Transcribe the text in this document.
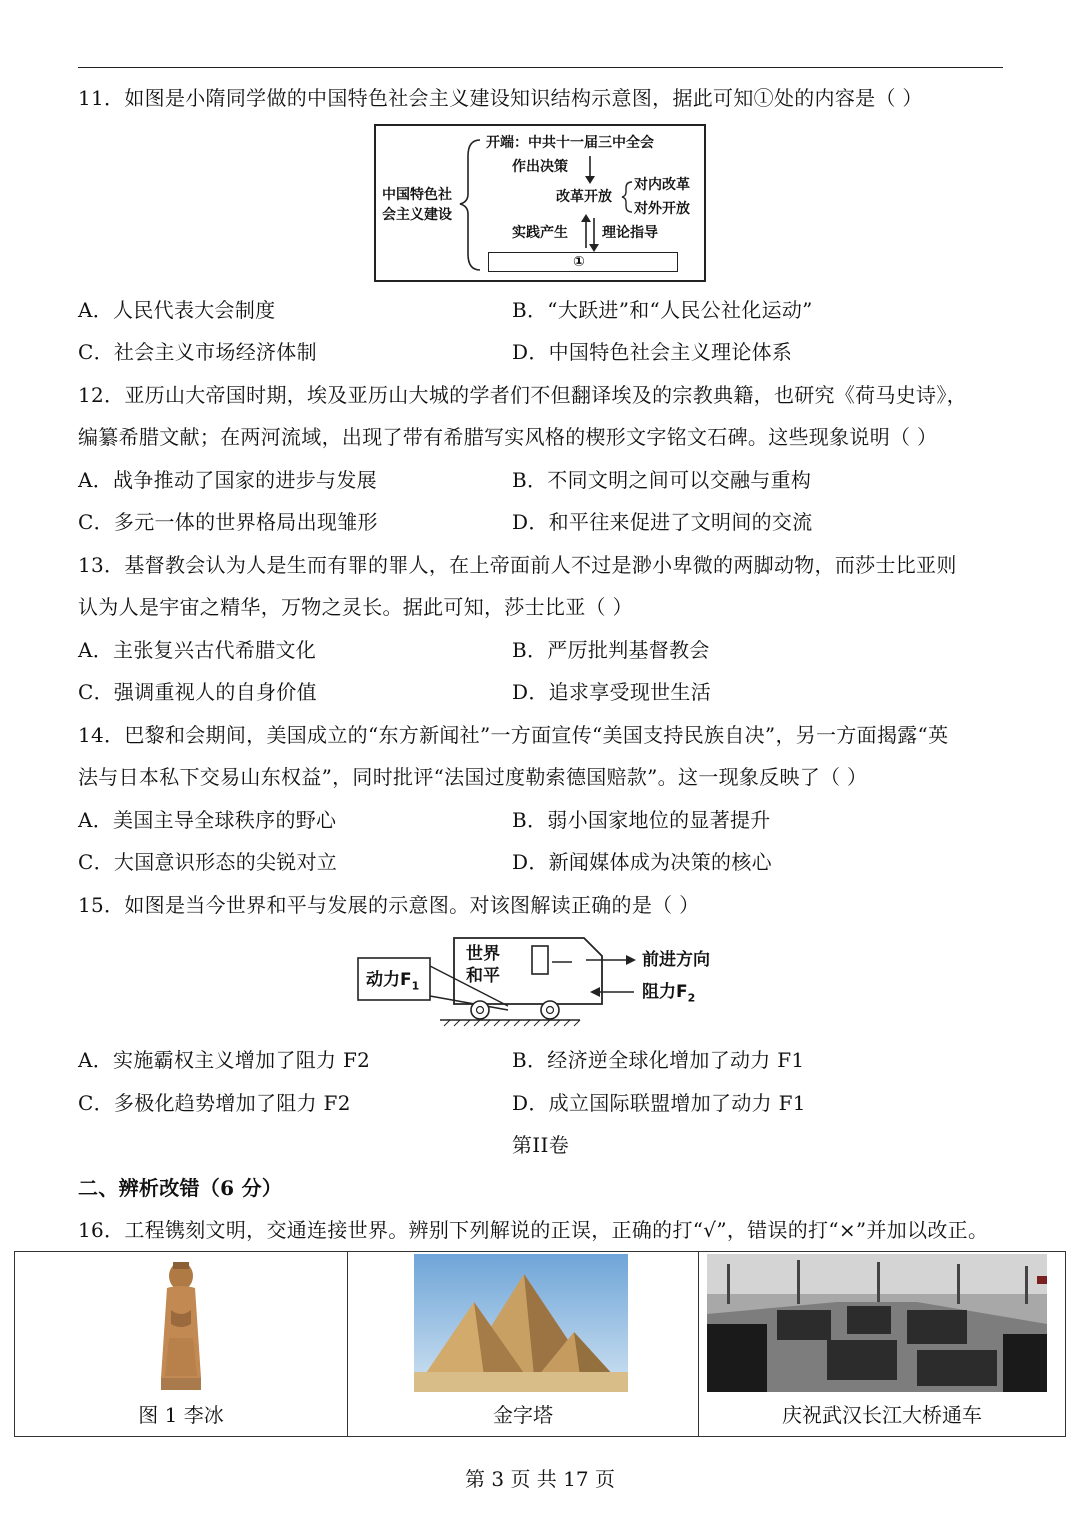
11．如图是小隋同学做的中国特色社会主义建设知识结构示意图，据此可知①处的内容是（ ）
中国特色社
会主义建设
开端：中共十一届三中全会
作出决策
改革开放
对内改革
对外开放
实践产生 理论指导
①
A．人民代表大会制度	B．“大跃进”和“人民公社化运动”
C．社会主义市场经济体制	D．中国特色社会主义理论体系
12．亚历山大帝国时期，埃及亚历山大城的学者们不但翻译埃及的宗教典籍，也研究《荷马史诗》，
编纂希腊文献；在两河流域，出现了带有希腊写实风格的楔形文字铭文石碑。这些现象说明（ ）
A．战争推动了国家的进步与发展	B．不同文明之间可以交融与重构
C．多元一体的世界格局出现雏形	D．和平往来促进了文明间的交流
13．基督教会认为人是生而有罪的罪人，在上帝面前人不过是渺小卑微的两脚动物，而莎士比亚则
认为人是宇宙之精华，万物之灵长。据此可知，莎士比亚（ ）
A．主张复兴古代希腊文化	B．严厉批判基督教会
C．强调重视人的自身价值	D．追求享受现世生活
14．巴黎和会期间，美国成立的“东方新闻社”一方面宣传“美国支持民族自决”，另一方面揭露“英
法与日本私下交易山东权益”，同时批评“法国过度勒索德国赔款”。这一现象反映了（ ）
A．美国主导全球秩序的野心	B．弱小国家地位的显著提升
C．大国意识形态的尖锐对立	D．新闻媒体成为决策的核心
15．如图是当今世界和平与发展的示意图。对该图解读正确的是（ ）
动力$F_1$
世界
和平
前进方向
阻力$F_2$
A．实施霸权主义增加了阻力 F2	B．经济逆全球化增加了动力 F1
C．多极化趋势增加了阻力 F2	D．成立国际联盟增加了动力 F1
第II卷
二、辨析改错（6 分）
16．工程镌刻文明，交通连接世界。辨别下列解说的正误，正确的打“√”，错误的打“×”并加以改正。
图 1 李冰	金字塔	庆祝武汉长江大桥通车
第 3 页 共 17 页
